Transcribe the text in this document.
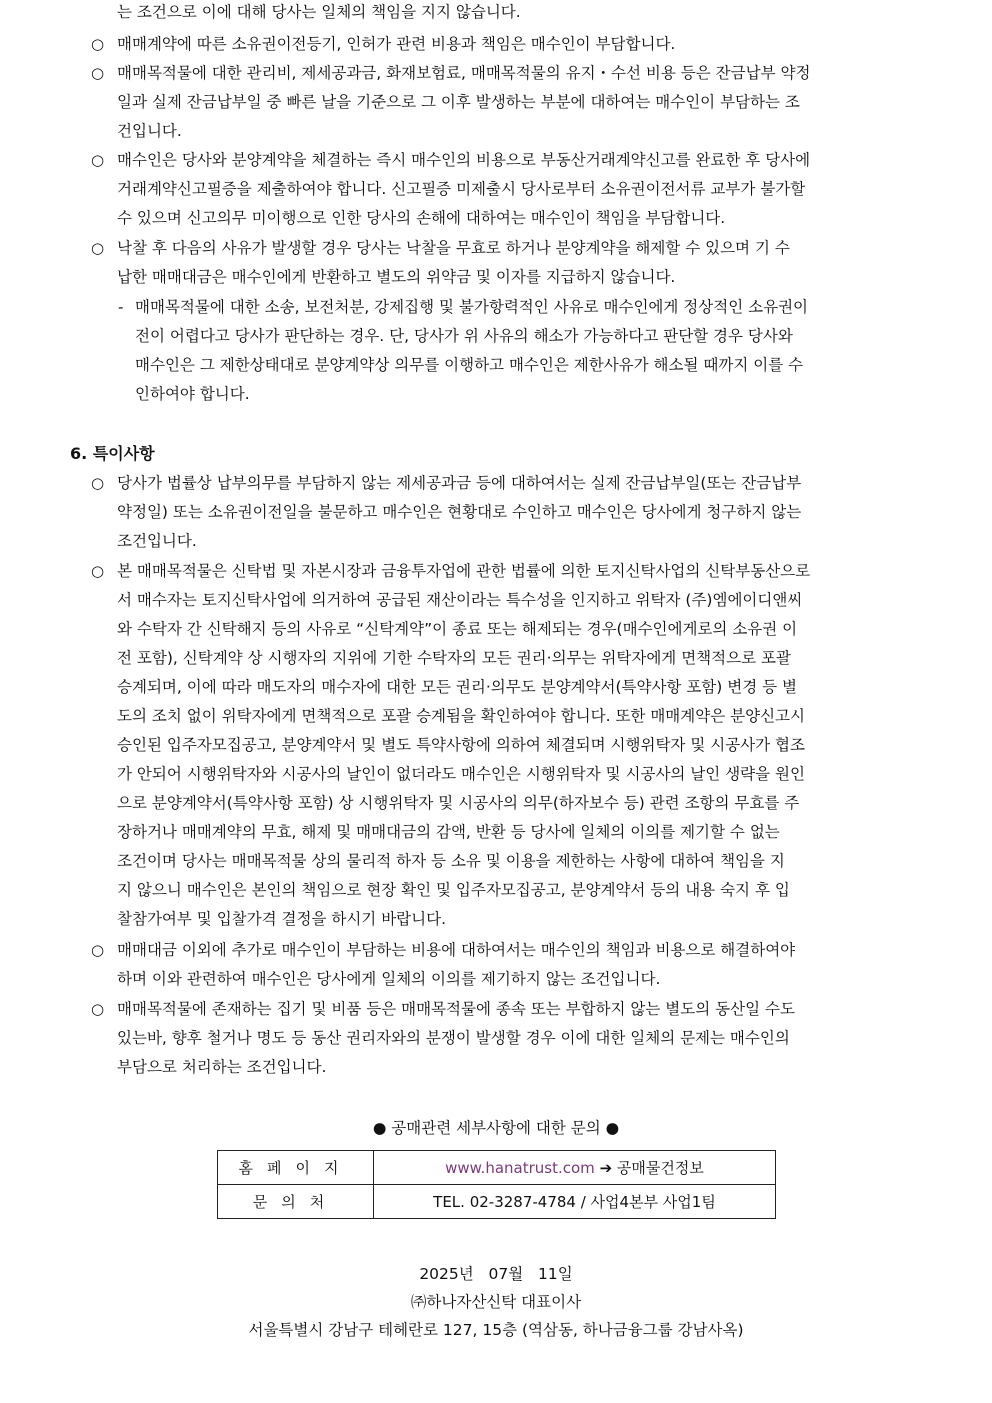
는 조건으로 이에 대해 당사는 일체의 책임을 지지 않습니다.
○ 매매계약에 따른 소유권이전등기, 인허가 관련 비용과 책임은 매수인이 부담합니다.
○ 매매목적물에 대한 관리비, 제세공과금, 화재보험료, 매매목적물의 유지・수선 비용 등은 잔금납부 약정
일과 실제 잔금납부일 중 빠른 날을 기준으로 그 이후 발생하는 부분에 대하여는 매수인이 부담하는 조
건입니다.
○ 매수인은 당사와 분양계약을 체결하는 즉시 매수인의 비용으로 부동산거래계약신고를 완료한 후 당사에
거래계약신고필증을 제출하여야 합니다. 신고필증 미제출시 당사로부터 소유권이전서류 교부가 불가할
수 있으며 신고의무 미이행으로 인한 당사의 손해에 대하여는 매수인이 책임을 부담합니다.
○ 낙찰 후 다음의 사유가 발생할 경우 당사는 낙찰을 무효로 하거나 분양계약을 해제할 수 있으며 기 수
납한 매매대금은 매수인에게 반환하고 별도의 위약금 및 이자를 지급하지 않습니다.
- 매매목적물에 대한 소송, 보전처분, 강제집행 및 불가항력적인 사유로 매수인에게 정상적인 소유권이
전이 어렵다고 당사가 판단하는 경우. 단, 당사가 위 사유의 해소가 가능하다고 판단할 경우 당사와
매수인은 그 제한상태대로 분양계약상 의무를 이행하고 매수인은 제한사유가 해소될 때까지 이를 수
인하여야 합니다.
6. 특이사항
○ 당사가 법률상 납부의무를 부담하지 않는 제세공과금 등에 대하여서는 실제 잔금납부일(또는 잔금납부
약정일) 또는 소유권이전일을 불문하고 매수인은 현황대로 수인하고 매수인은 당사에게 청구하지 않는
조건입니다.
○ 본 매매목적물은 신탁법 및 자본시장과 금융투자업에 관한 법률에 의한 토지신탁사업의 신탁부동산으로
서 매수자는 토지신탁사업에 의거하여 공급된 재산이라는 특수성을 인지하고 위탁자 (주)엠에이디앤씨
와 수탁자 간 신탁해지 등의 사유로 “신탁계약”이 종료 또는 해제되는 경우(매수인에게로의 소유권 이
전 포함), 신탁계약 상 시행자의 지위에 기한 수탁자의 모든 권리·의무는 위탁자에게 면책적으로 포괄
승계되며, 이에 따라 매도자의 매수자에 대한 모든 권리·의무도 분양계약서(특약사항 포함) 변경 등 별
도의 조치 없이 위탁자에게 면책적으로 포괄 승계됨을 확인하여야 합니다. 또한 매매계약은 분양신고시
승인된 입주자모집공고, 분양계약서 및 별도 특약사항에 의하여 체결되며 시행위탁자 및 시공사가 협조
가 안되어 시행위탁자와 시공사의 날인이 없더라도 매수인은 시행위탁자 및 시공사의 날인 생략을 원인
으로 분양계약서(특약사항 포함) 상 시행위탁자 및 시공사의 의무(하자보수 등) 관련 조항의 무효를 주
장하거나 매매계약의 무효, 해제 및 매매대금의 감액, 반환 등 당사에 일체의 이의를 제기할 수 없는
조건이며 당사는 매매목적물 상의 물리적 하자 등 소유 및 이용을 제한하는 사항에 대하여 책임을 지
지 않으니 매수인은 본인의 책임으로 현장 확인 및 입주자모집공고, 분양계약서 등의 내용 숙지 후 입
찰참가여부 및 입찰가격 결정을 하시기 바랍니다.
○ 매매대금 이외에 추가로 매수인이 부담하는 비용에 대하여서는 매수인의 책임과 비용으로 해결하여야
하며 이와 관련하여 매수인은 당사에게 일체의 이의를 제기하지 않는 조건입니다.
○ 매매목적물에 존재하는 집기 및 비품 등은 매매목적물에 종속 또는 부합하지 않는 별도의 동산일 수도
있는바, 향후 철거나 명도 등 동산 권리자와의 분쟁이 발생할 경우 이에 대한 일체의 문제는 매수인의
부담으로 처리하는 조건입니다.
● 공매관련 세부사항에 대한 문의 ●
홈페이지	www.hanatrust.com ➔ 공매물건정보
문의처	TEL. 02-3287-4784 / 사업4본부 사업1팀
2025년   07월   11일
㈜하나자산신탁 대표이사
서울특별시 강남구 테헤란로 127, 15층 (역삼동, 하나금융그룹 강남사옥)
